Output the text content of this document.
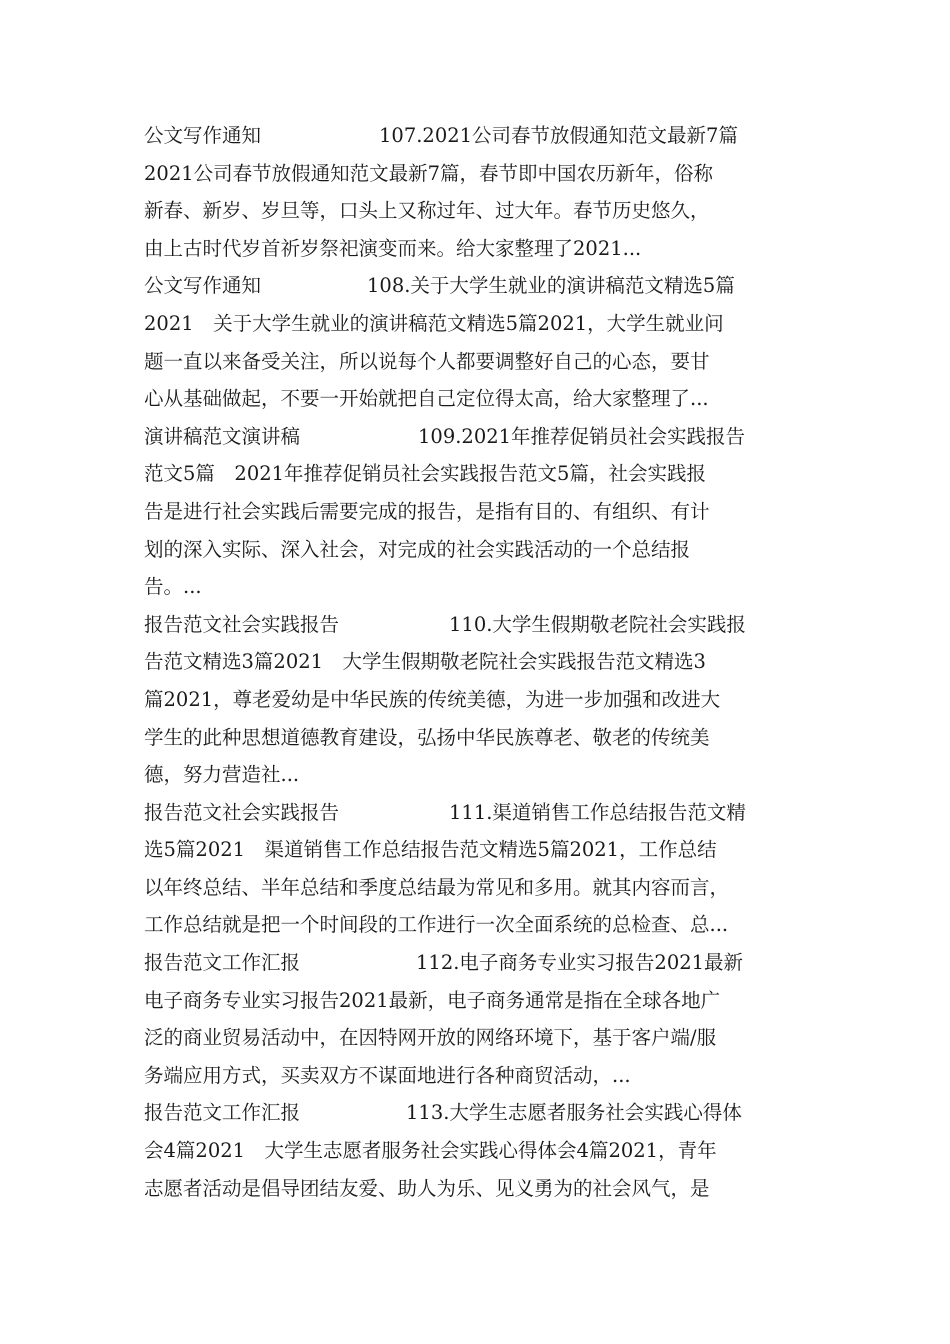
公文写作通知	107.2021公司春节放假通知范文最新7篇
2021公司春节放假通知范文最新7篇，春节即中国农历新年，俗称
新春、新岁、岁旦等，口头上又称过年、过大年。春节历史悠久，
由上古时代岁首祈岁祭祀演变而来。给大家整理了2021...
公文写作通知	108.关于大学生就业的演讲稿范文精选5篇
2021　关于大学生就业的演讲稿范文精选5篇2021，大学生就业问
题一直以来备受关注，所以说每个人都要调整好自己的心态，要甘
心从基础做起，不要一开始就把自己定位得太高，给大家整理了...
演讲稿范文演讲稿	109.2021年推荐促销员社会实践报告
范文5篇　2021年推荐促销员社会实践报告范文5篇，社会实践报
告是进行社会实践后需要完成的报告，是指有目的、有组织、有计
划的深入实际、深入社会，对完成的社会实践活动的一个总结报
告。...
报告范文社会实践报告	110.大学生假期敬老院社会实践报
告范文精选3篇2021　大学生假期敬老院社会实践报告范文精选3
篇2021，尊老爱幼是中华民族的传统美德，为进一步加强和改进大
学生的此种思想道德教育建设，弘扬中华民族尊老、敬老的传统美
德，努力营造社...
报告范文社会实践报告	111.渠道销售工作总结报告范文精
选5篇2021　渠道销售工作总结报告范文精选5篇2021，工作总结
以年终总结、半年总结和季度总结最为常见和多用。就其内容而言，
工作总结就是把一个时间段的工作进行一次全面系统的总检查、总...
报告范文工作汇报	112.电子商务专业实习报告2021最新
电子商务专业实习报告2021最新，电子商务通常是指在全球各地广
泛的商业贸易活动中，在因特网开放的网络环境下，基于客户端/服
务端应用方式，买卖双方不谋面地进行各种商贸活动，...
报告范文工作汇报	113.大学生志愿者服务社会实践心得体
会4篇2021　大学生志愿者服务社会实践心得体会4篇2021，青年
志愿者活动是倡导团结友爱、助人为乐、见义勇为的社会风气，是
